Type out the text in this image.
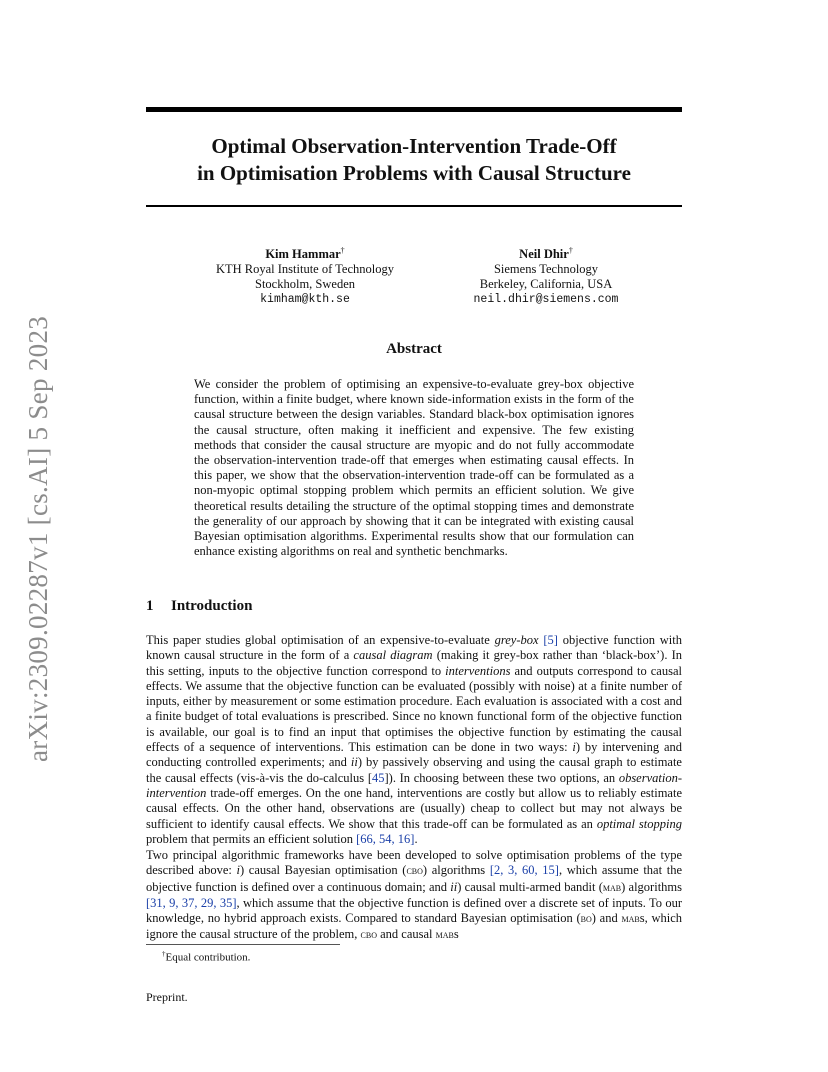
arXiv:2309.02287v1 [cs.AI] 5 Sep 2023
Optimal Observation-Intervention Trade-Off
in Optimisation Problems with Causal Structure
Kim Hammar†
KTH Royal Institute of Technology
Stockholm, Sweden
kimham@kth.se
Neil Dhir†
Siemens Technology
Berkeley, California, USA
neil.dhir@siemens.com
Abstract
We consider the problem of optimising an expensive-to-evaluate grey-box objective function, within a finite budget, where known side-information exists in the form of the causal structure between the design variables. Standard black-box optimisation ignores the causal structure, often making it inefficient and expensive. The few existing methods that consider the causal structure are myopic and do not fully accommodate the observation-intervention trade-off that emerges when estimating causal effects. In this paper, we show that the observation-intervention trade-off can be formulated as a non-myopic optimal stopping problem which permits an efficient solution. We give theoretical results detailing the structure of the optimal stopping times and demonstrate the generality of our approach by showing that it can be integrated with existing causal Bayesian optimisation algorithms. Experimental results show that our formulation can enhance existing algorithms on real and synthetic benchmarks.
1 Introduction
This paper studies global optimisation of an expensive-to-evaluate grey-box [5] objective function with known causal structure in the form of a causal diagram (making it grey-box rather than ‘black-box’). In this setting, inputs to the objective function correspond to interventions and outputs correspond to causal effects. We assume that the objective function can be evaluated (possibly with noise) at a finite number of inputs, either by measurement or some estimation procedure. Each evaluation is associated with a cost and a finite budget of total evaluations is prescribed. Since no known functional form of the objective function is available, our goal is to find an input that optimises the objective function by estimating the causal effects of a sequence of interventions. This estimation can be done in two ways: i) by intervening and conducting controlled experiments; and ii) by passively observing and using the causal graph to estimate the causal effects (vis-à-vis the do-calculus [45]). In choosing between these two options, an observation-intervention trade-off emerges. On the one hand, interventions are costly but allow us to reliably estimate causal effects. On the other hand, observations are (usually) cheap to collect but may not always be sufficient to identify causal effects. We show that this trade-off can be formulated as an optimal stopping problem that permits an efficient solution [66, 54, 16].
Two principal algorithmic frameworks have been developed to solve optimisation problems of the type described above: i) causal Bayesian optimisation (cbo) algorithms [2, 3, 60, 15], which assume that the objective function is defined over a continuous domain; and ii) causal multi-armed bandit (mab) algorithms [31, 9, 37, 29, 35], which assume that the objective function is defined over a discrete set of inputs. To our knowledge, no hybrid approach exists. Compared to standard Bayesian optimisation (bo) and mabs, which ignore the causal structure of the problem, cbo and causal mabs
†Equal contribution.
Preprint.
